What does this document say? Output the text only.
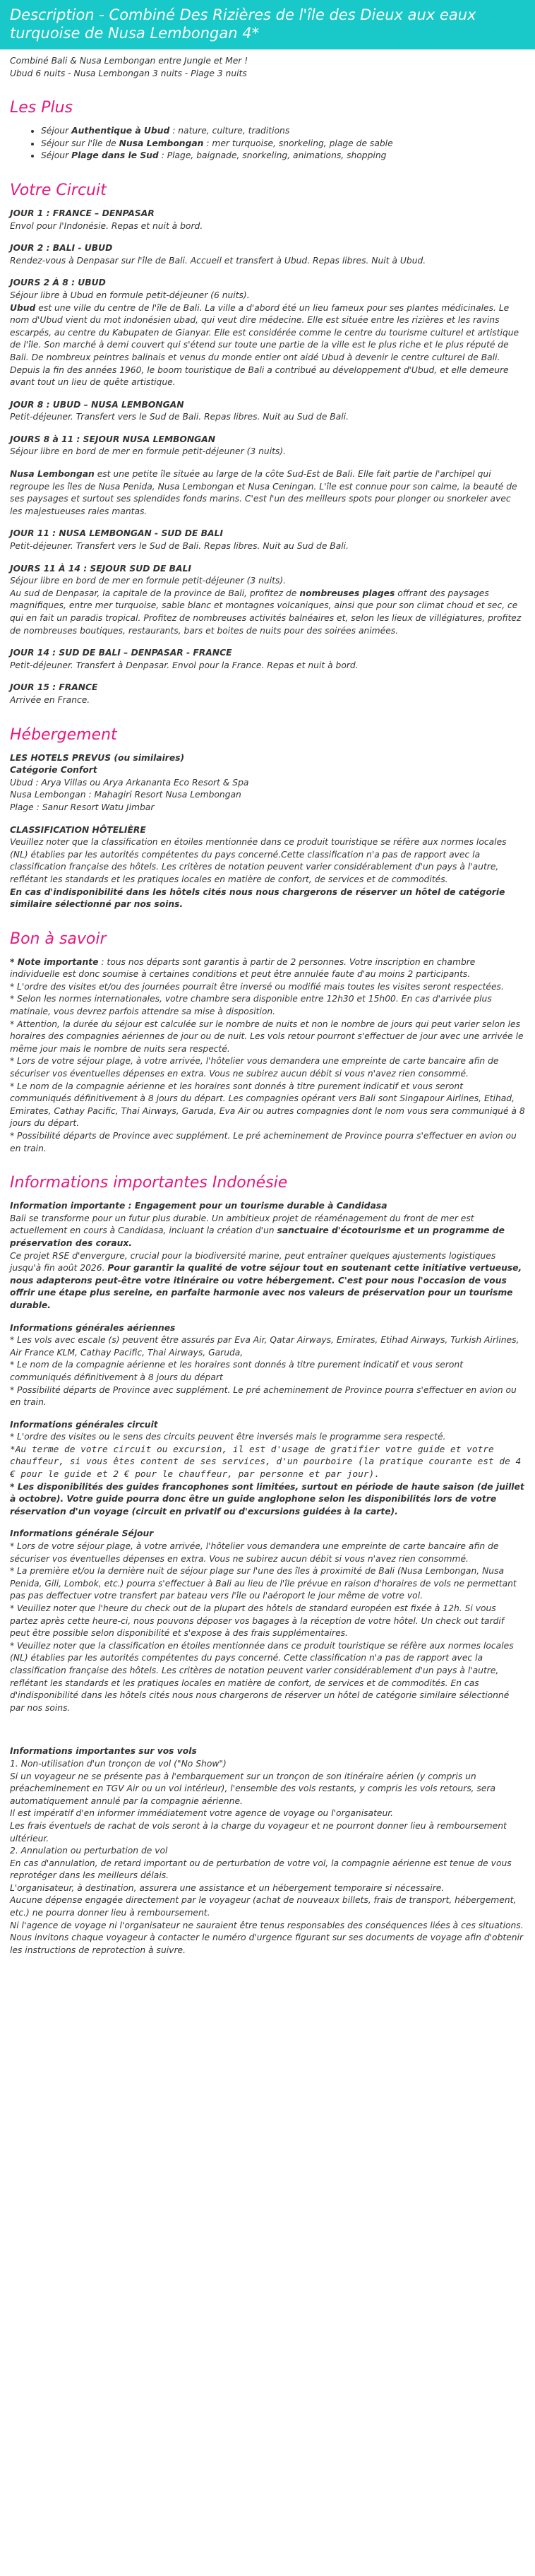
Description - Combiné Des Rizières de l'île des Dieux aux eaux turquoise de Nusa Lembongan 4*

Combiné Bali & Nusa Lembongan entre Jungle et Mer !

Ubud 6 nuits - Nusa Lembongan 3 nuits - Plage 3 nuits

Les Plus
• Séjour Authentique à Ubud : nature, culture, traditions
• Séjour sur l'île de Nusa Lembongan : mer turquoise, snorkeling, plage de sable
• Séjour Plage dans le Sud : Plage, baignade, snorkeling, animations, shopping
Votre Circuit

JOUR 1 : FRANCE – DENPASAR

Envol pour l'Indonésie. Repas et nuit à bord.

JOUR 2 : BALI - UBUD

Rendez-vous à Denpasar sur l'île de Bali. Accueil et transfert à Ubud. Repas libres. Nuit à Ubud.

JOURS 2 À 8 : UBUD

Séjour libre à Ubud en formule petit-déjeuner (6 nuits).

Ubud est une ville du centre de l'île de Bali. La ville a d'abord été un lieu fameux pour ses plantes médicinales. Le nom d'Ubud vient du mot indonésien ubad, qui veut dire médecine. Elle est située entre les rizières et les ravins escarpés, au centre du Kabupaten de Gianyar. Elle est considérée comme le centre du tourisme culturel et artistique de l'île. Son marché à demi couvert qui s'étend sur toute une partie de la ville est le plus riche et le plus réputé de Bali. De nombreux peintres balinais et venus du monde entier ont aidé Ubud à devenir le centre culturel de Bali. Depuis la fin des années 1960, le boom touristique de Bali a contribué au développement d'Ubud, et elle demeure avant tout un lieu de quête artistique.

JOUR 8 : UBUD – NUSA LEMBONGAN

Petit-déjeuner. Transfert vers le Sud de Bali. Repas libres. Nuit au Sud de Bali.

JOURS 8 à 11 : SEJOUR NUSA LEMBONGAN

Séjour libre en bord de mer en formule petit-déjeuner (3 nuits).

Nusa Lembongan est une petite île située au large de la côte Sud-Est de Bali. Elle fait partie de l'archipel qui regroupe les îles de Nusa Penida, Nusa Lembongan et Nusa Ceningan. L'île est connue pour son calme, la beauté de ses paysages et surtout ses splendides fonds marins. C'est l'un des meilleurs spots pour plonger ou snorkeler avec les majestueuses raies mantas.

JOUR 11 : NUSA LEMBONGAN - SUD DE BALI

Petit-déjeuner. Transfert vers le Sud de Bali. Repas libres. Nuit au Sud de Bali.

JOURS 11 À 14 : SEJOUR SUD DE BALI

Séjour libre en bord de mer en formule petit-déjeuner (3 nuits).

Au sud de Denpasar, la capitale de la province de Bali, profitez de nombreuses plages offrant des paysages magnifiques, entre mer turquoise, sable blanc et montagnes volcaniques, ainsi que pour son climat choud et sec, ce qui en fait un paradis tropical. Profitez de nombreuses activités balnéaires et, selon les lieux de villégiatures, profitez de nombreuses boutiques, restaurants, bars et boites de nuits pour des soirées animées.

JOUR 14 : SUD DE BALI – DENPASAR - FRANCE

Petit-déjeuner. Transfert à Denpasar. Envol pour la France. Repas et nuit à bord.

JOUR 15 : FRANCE

Arrivée en France.

Hébergement

LES HOTELS PREVUS (ou similaires)

Catégorie Confort

Ubud : Arya Villas ou Arya Arkananta Eco Resort & Spa

Nusa Lembongan : Mahagiri Resort Nusa Lembongan

Plage : Sanur Resort Watu Jimbar

CLASSIFICATION HÔTELIÈRE

Veuillez noter que la classification en étoiles mentionnée dans ce produit touristique se réfère aux normes locales (NL) établies par les autorités compétentes du pays concerné.Cette classification n'a pas de rapport avec la classification française des hôtels. Les critères de notation peuvent varier considérablement d'un pays à l'autre, reflétant les standards et les pratiques locales en matière de confort, de services et de commodités.

En cas d'indisponibilité dans les hôtels cités nous nous chargerons de réserver un hôtel de catégorie similaire sélectionné par nos soins.

Bon à savoir

* Note importante : tous nos départs sont garantis à partir de 2 personnes. Votre inscription en chambre individuelle est donc soumise à certaines conditions et peut être annulée faute d'au moins 2 participants.

* L'ordre des visites et/ou des journées pourrait être inversé ou modifié mais toutes les visites seront respectées.

* Selon les normes internationales, votre chambre sera disponible entre 12h30 et 15h00. En cas d'arrivée plus matinale, vous devrez parfois attendre sa mise à disposition.

* Attention, la durée du séjour est calculée sur le nombre de nuits et non le nombre de jours qui peut varier selon les horaires des compagnies aériennes de jour ou de nuit. Les vols retour pourront s'effectuer de jour avec une arrivée le même jour mais le nombre de nuits sera respecté.

* Lors de votre séjour plage, à votre arrivée, l'hôtelier vous demandera une empreinte de carte bancaire afin de sécuriser vos éventuelles dépenses en extra. Vous ne subirez aucun débit si vous n'avez rien consommé.

* Le nom de la compagnie aérienne et les horaires sont donnés à titre purement indicatif et vous seront communiqués définitivement à 8 jours du départ. Les compagnies opérant vers Bali sont Singapour Airlines, Etihad, Emirates, Cathay Pacific, Thai Airways, Garuda, Eva Air ou autres compagnies dont le nom vous sera communiqué à 8 jours du départ.

* Possibilité départs de Province avec supplément. Le pré acheminement de Province pourra s'effectuer en avion ou en train.

Informations importantes Indonésie

Information importante : Engagement pour un tourisme durable à Candidasa

Bali se transforme pour un futur plus durable. Un ambitieux projet de réaménagement du front de mer est actuellement en cours à Candidasa, incluant la création d'un sanctuaire d'écotourisme et un programme de préservation des coraux.

Ce projet RSE d'envergure, crucial pour la biodiversité marine, peut entraîner quelques ajustements logistiques jusqu'à fin août 2026. Pour garantir la qualité de votre séjour tout en soutenant cette initiative vertueuse, nous adapterons peut-être votre itinéraire ou votre hébergement. C'est pour nous l'occasion de vous offrir une étape plus sereine, en parfaite harmonie avec nos valeurs de préservation pour un tourisme durable.

Informations générales aériennes

* Les vols avec escale (s) peuvent être assurés par Eva Air, Qatar Airways, Emirates, Etihad Airways, Turkish Airlines, Air France KLM, Cathay Pacific, Thai Airways, Garuda,

* Le nom de la compagnie aérienne et les horaires sont donnés à titre purement indicatif et vous seront communiqués définitivement à 8 jours du départ

* Possibilité départs de Province avec supplément. Le pré acheminement de Province pourra s'effectuer en avion ou en train.

Informations générales circuit

* L'ordre des visites ou le sens des circuits peuvent être inversés mais le programme sera respecté.

*Au terme de votre circuit ou excursion, il est d'usage de gratifier votre guide et votre chauffeur, si vous êtes content de ses services, d'un pourboire (la pratique courante est de 4 € pour le guide et 2 € pour le chauffeur, par personne et par jour).

* Les disponibilités des guides francophones sont limitées, surtout en période de haute saison (de juillet à octobre). Votre guide pourra donc être un guide anglophone selon les disponibilités lors de votre réservation d'un voyage (circuit en privatif ou d'excursions guidées à la carte).

Informations générale Séjour

* Lors de votre séjour plage, à votre arrivée, l'hôtelier vous demandera une empreinte de carte bancaire afin de sécuriser vos éventuelles dépenses en extra. Vous ne subirez aucun débit si vous n'avez rien consommé.

* La première et/ou la dernière nuit de séjour plage sur l'une des îles à proximité de Bali (Nusa Lembongan, Nusa Penida, Gili, Lombok, etc.) pourra s'effectuer à Bali au lieu de l'île prévue en raison d'horaires de vols ne permettant pas pas deffectuer votre transfert par bateau vers l'île ou l'aéroport le jour même de votre vol.

* Veuillez noter que l'heure du check out de la plupart des hôtels de standard européen est fixée à 12h. Si vous partez après cette heure-ci, nous pouvons déposer vos bagages à la réception de votre hôtel. Un check out tardif peut être possible selon disponibilité et s'expose à des frais supplémentaires.

* Veuillez noter que la classification en étoiles mentionnée dans ce produit touristique se réfère aux normes locales (NL) établies par les autorités compétentes du pays concerné. Cette classification n'a pas de rapport avec la classification française des hôtels. Les critères de notation peuvent varier considérablement d'un pays à l'autre, reflétant les standards et les pratiques locales en matière de confort, de services et de commodités. En cas d'indisponibilité dans les hôtels cités nous nous chargerons de réserver un hôtel de catégorie similaire sélectionné par nos soins.

Informations importantes sur vos vols

1. Non-utilisation d'un tronçon de vol ("No Show")

Si un voyageur ne se présente pas à l'embarquement sur un tronçon de son itinéraire aérien (y compris un préacheminement en TGV Air ou un vol intérieur), l'ensemble des vols restants, y compris les vols retours, sera automatiquement annulé par la compagnie aérienne.

Il est impératif d'en informer immédiatement votre agence de voyage ou l'organisateur.

Les frais éventuels de rachat de vols seront à la charge du voyageur et ne pourront donner lieu à remboursement ultérieur.

2. Annulation ou perturbation de vol

En cas d'annulation, de retard important ou de perturbation de votre vol, la compagnie aérienne est tenue de vous reprotéger dans les meilleurs délais.

L'organisateur, à destination, assurera une assistance et un hébergement temporaire si nécessaire.

Aucune dépense engagée directement par le voyageur (achat de nouveaux billets, frais de transport, hébergement, etc.) ne pourra donner lieu à remboursement.

Ni l'agence de voyage ni l'organisateur ne sauraient être tenus responsables des conséquences liées à ces situations.

Nous invitons chaque voyageur à contacter le numéro d'urgence figurant sur ses documents de voyage afin d'obtenir les instructions de reprotection à suivre.
